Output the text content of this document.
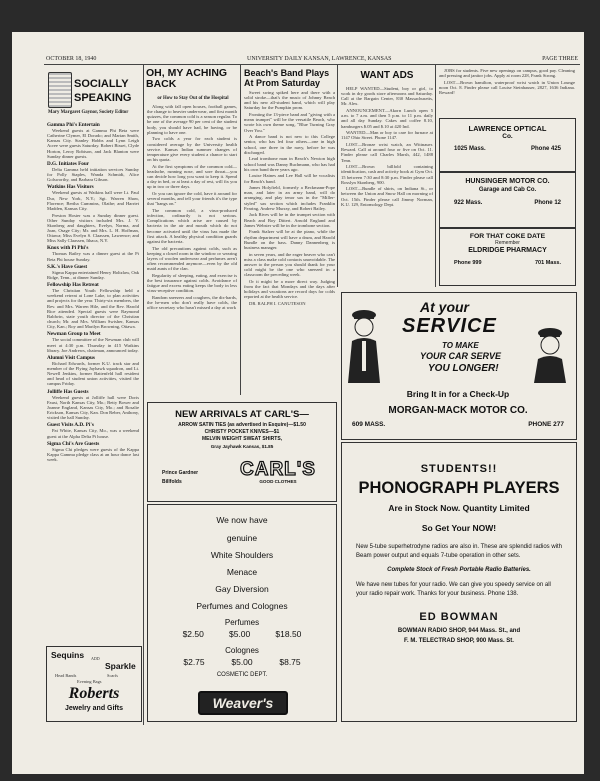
OCTOBER 18, 1940	UNIVERSITY DAILY KANSAN, LAWRENCE, KANSAS	PAGE THREE
SOCIALLY
SPEAKING
Mary Margaret Gaynor, Society Editor
Gamma Phi's Entertain

Weekend guests at Gamma Phi Beta were Catherine Clymer, El Dorado; and Marian Smith, Kansas City. Stanley Hobbs and Lynn Leigh Acree were guests Saturday. Robert Bisset, Clyde Horton, Leroy Robison, and Jack Blanton were Sunday dinner guests.

D.G. Initiates Four

Delta Gamma held initiation services Sunday for Polly Staples, Wanda Schmidt, Alice Golsworthy, and Barbara Gibson.

Watkins Has Visitors

Weekend guests at Watkins hall were Lt. Paul Dur, New York, N.Y.; Sgt. Warren Shaw, Florence; Bertha Cummins, Olathe; and Harriet Madden, Kansas City.

Preston Hosier was a Sunday dinner guest. Other Sunday visitors included Mrs. J. V. Skonberg and daughters, Evelyn, Norma, and Joan, Osage City; Mr. and Mrs. L. H. Hoffman, Ottawa; Miss Evelyn S. Claassen, Lawrence; and Miss Sally Claassen, Ithaca, N.Y.

Knox with Pi Phi's

Thomas Bailey was a dinner guest at the Pi Beta Phi house Sunday.

S.K.'s Have Guest

Sigma Kappa entertained Henry Holtzlaw, Oak Ridge, Tenn., at dinner Sunday.

Fellowship Has Retreat

The Christian Youth Fellowship held a weekend retreat at Lone Lake, to plan activities and projects for the year. Thirty-six members, the Rev. and Mrs. Warren Hile, and the Rev. Harold Rice attended. Special guests were Raymond Baldwin, state youth director of the Christian church; Mr. and Mrs. William Swisher, Kansas City, Kan.; Roy and Marilyn Browning, Ottawa.

Newman Group to Meet

The social committee of the Newman club will meet at 4:30 p.m. Thursday in 415 Watkins library. Joe Andrews, chairman, announced today.

Alumni Visit Campus

Richard Edwards, former K.U. track star and member of the Flying Jayhawk squadron, and Lt. Newell Jenkins, former Battenfeld hall resident and head of student union activities, visited the campus Friday.

Jolliffe Has Guests

Weekend guests at Jolliffe hall were Doris Faust, North Kansas City, Mo.; Betty Bower and Joanne England, Kansas City, Mo.; and Rosalie Erickson, Kansas City, Kan. Don Reber, Anthony, visited the hall Sunday.

Guest Visits A.D. Pi's

Pat White, Kansas City, Mo., was a weekend guest at the Alpha Delta Pi house.

Sigma Chi's Are Guests

Sigma Chi pledges were guests of the Kappa Kappa Gamma pledge class at an hour dance last week.

Sequins ADD
Sparkle
Head Bands	Scarfs
Evening Bags
Roberts
Jewelry and Gifts
OH, MY ACHING BACK
or How to Stay Out of the Hospital

Along with fall open houses, football games, the change to heavier underwear, and first month quizzes, the common cold is a season regular. To be one of the average 90 per cent of the student body, you should have had, be having, or be planning to have one.

Two colds a year for each student is considered average by the University health service. Kansas Indian summer changes of temperature give every student a chance to start on his quota.

At the first symptoms of the common cold—headache, running nose, and sore throat—you can decide how long you want to keep it. Spend a day in bed, or at least a day of rest, will fix you up in two or three days.

Or you can ignore the cold, have it around for several months, and tell your friends it's the type that "hangs on."

The common cold, a virus-produced infection, ordinarily is not serious. Complications which arise are caused by bacteria in the air and mouth which do not become activated until the virus has made the first attack. A healthy physical condition guards against the bacteria.

The old precautions against colds, such as keeping a closed room in the window or wearing layers of woolen underwear and perfumes aren't often recommended anymore—even by the old maid aunts of the clan.

Regularity of sleeping, eating, and exercise is the best insurance against colds. Avoidance of fatigue and excess eating keeps the body in less virus-receptive condition.

Random sneezers and coughers, the dis-hards, the he-men who don't really have colds, the office secretary who hasn't missed a day at work

Beach's Band Plays At Prom Saturday

Sweet swing spiked here and there with a solid stroke—that's the music of Johnny Beach and his new all-student band, which will play Saturday for the Pumpkin prom.

Fronting the 13-piece band and "giving with a mean trumpet" will be the versatile Beach, who wrote his own theme song, "Blue Turning Gray Over You."

A dance band is not new to this College senior, who has led four others—one in high school, one three in the navy, before he was discharged.

Lead trombone man in Beach's Newton high school band was Danny Buchmann, who has had his own band three years ago.

Louise Haines and Lee Hall will be vocalists for Beach's band.

James Holyfield, formerly a Beckmann-Pope man, and later in an army band, will do arranging, and play tenor sax in the "Miller-styled" sax section which includes Franklin Fearing, Andrew Murray, and Robert Bailey.

Jack Rives will be in the trumpet section with Beach and Boy Dittert. Arnold England and James Webster will be in the trombone section.

Frank Stalzer will be at the piano, while the rhythm department will have a drum, and Harold Bundle on the bass. Danny Dannenberg is business manager.

in seven years, and the eager beaver who can't miss a class make cold contacts unavoidable. The answer to the person you should thank for your cold might be the one who sneezed in a classroom the preceding week.

Or it might be a more direct way. Judging from the fact that Mondays and the days after holidays and vacations are record days for colds reported at the health service.

DR. RALPH I. CANUTESON

WANT ADS

HELP WANTED—Student, boy or girl, to work in dry goods store afternoons and Saturday. Call at the Bargain Center, 830 Massachusetts, Mr. Alex.

ANNOUNCEMENT—Akorn Lunch open 5 a.m. to 7 a.m. and then 5 p.m. to 11 p.m. daily and all day Sunday. Cakes and coffee 8.10, hamburgers $.05 and $.10 at 420 Ind.

WANTED—Man or boy to care for furnace at 1147 Ohio Street. Phone 1147.

LOST—Bronze wrist watch, an Wittnauer. Reward. Call at around four or five on Oct. 11. Finder please call Charles Marsh, 442, 1488 Tenn.

LOST—Brown billfold containing identification, cash and activity book at Gym Oct. 15 between 7:30 and 8:30 p.m. Finder please call Rosslyn Skonberg, 900.

LOST—Bundle of shirts, on Indiana St., or between the Union and Snow Hall on morning of Oct. 15th. Finder please call Jimmy Norman, K.U. 129, Entomology Dept.

JOBS for students. Five new openings on campus, good pay. Cleaning and pressing and janitor jobs. Apply at room 228, Frank Strong.

LOST—Brown hamilton, waterproof wrist watch in Union Lounge noon Oct. 8. Finder please call Louise Steinhauser, 2827, 1636 Indiana. Reward!

LAWRENCE OPTICAL
Co.
1025 Mass.	Phone 425
HUNSINGER MOTOR CO.
Garage and Cab Co.
922 Mass.	Phone 12
FOR THAT COKE DATE
Remember
ELDRIDGE PHARMACY
Phone 999	701 Mass.
At your
SERVICE
TO MAKE
YOUR CAR SERVE
YOU LONGER!
Bring It in for a Check-Up
MORGAN-MACK MOTOR CO.
609 MASS.	PHONE 277
NEW ARRIVALS AT CARL'S—
ARROW SATIN TIES (as advertised in Esquire)—$1.50
CHRISTY POCKET KNIVES—$1
MELVIN WEIGHT SWEAT SHIRTS,
Gray Jayhawk Kansas, $1.85
Prince Gardner
Billfolds
CARL'S
GOOD CLOTHES
We now have
genuine
White Shoulders
Menace
Gay Diversion
Perfumes and Colognes
Perfumes
$2.50	$5.00	$18.50
Colognes
$2.75	$5.00	$8.75
COSMETIC DEPT.
Weaver's
STUDENTS!!
PHONOGRAPH PLAYERS
Are in Stock Now. Quantity Limited
So Get Your NOW!
New 5-tube superhetrodyne radios are also in. These are splendid radios with Beam power output and equals 7-tube operation in other sets.
Complete Stock of Fresh Portable Radio Batteries.
We have new tubes for your radio. We can give you speedy service on all your radio repair work. Thanks for your business. Phone 138.
ED BOWMAN
BOWMAN RADIO SHOP, 944 Mass. St., and
F. M. TELECTRAD SHOP, 900 Mass. St.
